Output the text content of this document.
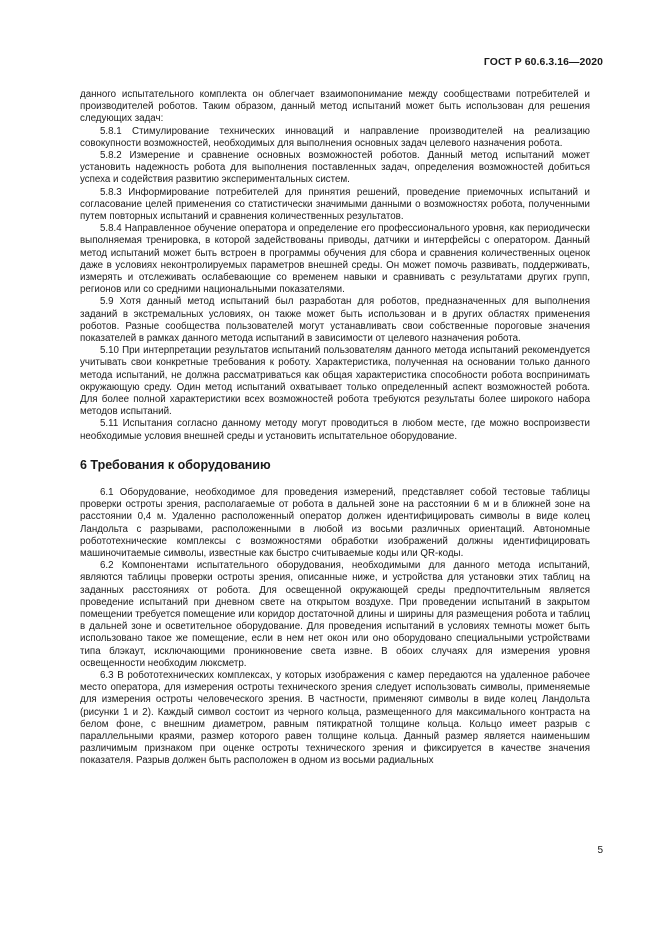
ГОСТ Р 60.6.3.16—2020

данного испытательного комплекта он облегчает взаимопонимание между сообществами потребителей и производителей роботов. Таким образом, данный метод испытаний может быть использован для решения следующих задач:

5.8.1 Стимулирование технических инноваций и направление производителей на реализацию совокупности возможностей, необходимых для выполнения основных задач целевого назначения робота.

5.8.2 Измерение и сравнение основных возможностей роботов. Данный метод испытаний может установить надежность робота для выполнения поставленных задач, определения возможностей добиться успеха и содействия развитию экспериментальных систем.

5.8.3 Информирование потребителей для принятия решений, проведение приемочных испытаний и согласование целей применения со статистически значимыми данными о возможностях робота, полученными путем повторных испытаний и сравнения количественных результатов.

5.8.4 Направленное обучение оператора и определение его профессионального уровня, как периодически выполняемая тренировка, в которой задействованы приводы, датчики и интерфейсы с оператором. Данный метод испытаний может быть встроен в программы обучения для сбора и сравнения количественных оценок даже в условиях неконтролируемых параметров внешней среды. Он может помочь развивать, поддерживать, измерять и отслеживать ослабевающие со временем навыки и сравнивать с результатами других групп, регионов или со средними национальными показателями.

5.9 Хотя данный метод испытаний был разработан для роботов, предназначенных для выполнения заданий в экстремальных условиях, он также может быть использован и в других областях применения роботов. Разные сообщества пользователей могут устанавливать свои собственные пороговые значения показателей в рамках данного метода испытаний в зависимости от целевого назначения робота.

5.10 При интерпретации результатов испытаний пользователям данного метода испытаний рекомендуется учитывать свои конкретные требования к роботу. Характеристика, полученная на основании только данного метода испытаний, не должна рассматриваться как общая характеристика способности робота воспринимать окружающую среду. Один метод испытаний охватывает только определенный аспект возможностей робота. Для более полной характеристики всех возможностей робота требуются результаты более широкого набора методов испытаний.

5.11 Испытания согласно данному методу могут проводиться в любом месте, где можно воспроизвести необходимые условия внешней среды и установить испытательное оборудование.

6 Требования к оборудованию

6.1 Оборудование, необходимое для проведения измерений, представляет собой тестовые таблицы проверки остроты зрения, располагаемые от робота в дальней зоне на расстоянии 6 м и в ближней зоне на расстоянии 0,4 м. Удаленно расположенный оператор должен идентифицировать символы в виде колец Ландольта с разрывами, расположенными в любой из восьми различных ориентаций. Автономные робототехнические комплексы с возможностями обработки изображений должны идентифицировать машиночитаемые символы, известные как быстро считываемые коды или QR-коды.

6.2 Компонентами испытательного оборудования, необходимыми для данного метода испытаний, являются таблицы проверки остроты зрения, описанные ниже, и устройства для установки этих таблиц на заданных расстояниях от робота. Для освещенной окружающей среды предпочтительным является проведение испытаний при дневном свете на открытом воздухе. При проведении испытаний в закрытом помещении требуется помещение или коридор достаточной длины и ширины для размещения робота и таблиц в дальней зоне и осветительное оборудование. Для проведения испытаний в условиях темноты может быть использовано такое же помещение, если в нем нет окон или оно оборудовано специальными устройствами типа блэкаут, исключающими проникновение света извне. В обоих случаях для измерения уровня освещенности необходим люксметр.

6.3 В робототехнических комплексах, у которых изображения с камер передаются на удаленное рабочее место оператора, для измерения остроты технического зрения следует использовать символы, применяемые для измерения остроты человеческого зрения. В частности, применяют символы в виде колец Ландольта (рисунки 1 и 2). Каждый символ состоит из черного кольца, размещенного для максимального контраста на белом фоне, с внешним диаметром, равным пятикратной толщине кольца. Кольцо имеет разрыв с параллельными краями, размер которого равен толщине кольца. Данный размер является наименьшим различимым признаком при оценке остроты технического зрения и фиксируется в качестве значения показателя. Разрыв должен быть расположен в одном из восьми радиальных

5
